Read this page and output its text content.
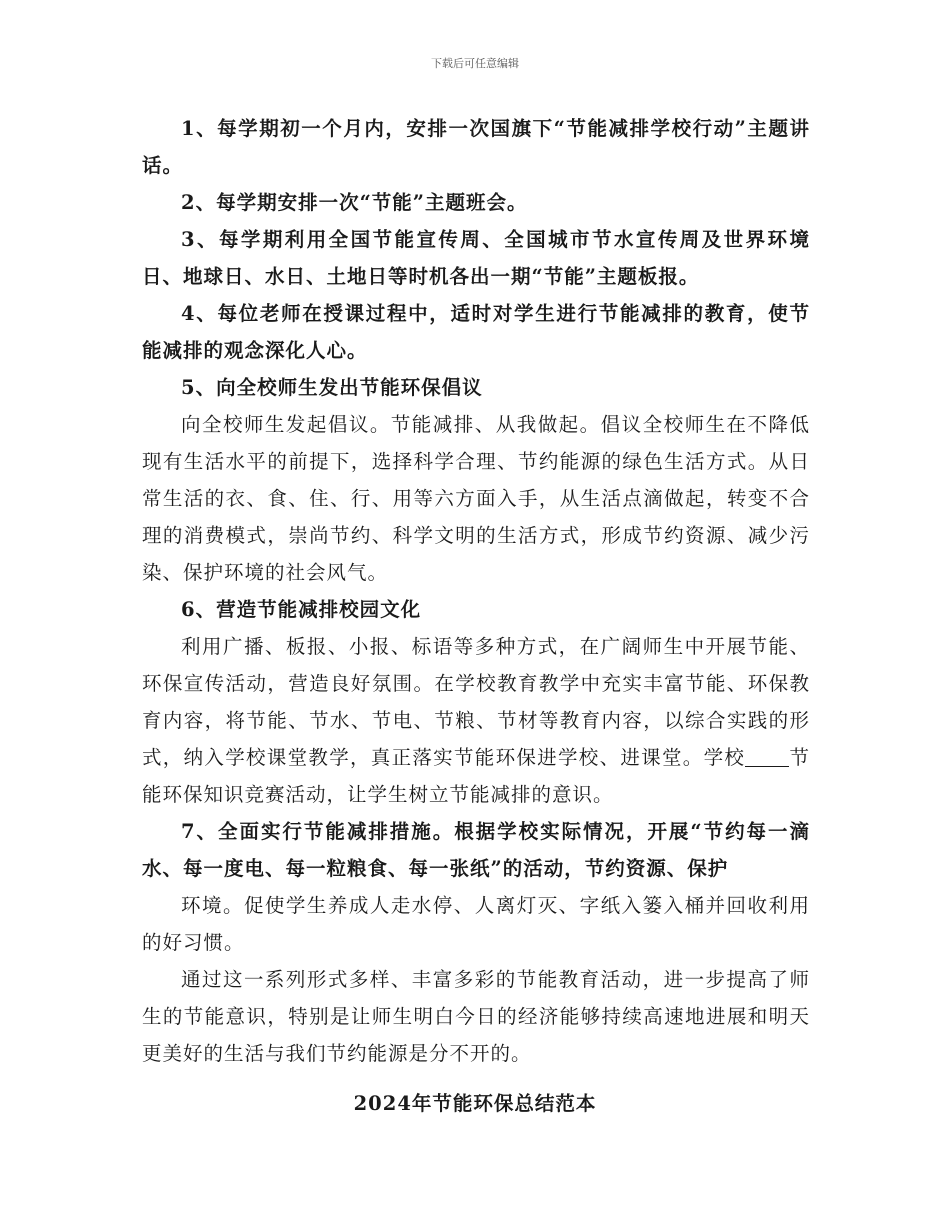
下载后可任意编辑

1、每学期初一个月内，安排一次国旗下“节能减排学校行动”主题讲话。

2、每学期安排一次“节能”主题班会。

3、每学期利用全国节能宣传周、全国城市节水宣传周及世界环境日、地球日、水日、土地日等时机各出一期“节能”主题板报。

4、每位老师在授课过程中，适时对学生进行节能减排的教育，使节能减排的观念深化人心。

5、向全校师生发出节能环保倡议

向全校师生发起倡议。节能减排、从我做起。倡议全校师生在不降低现有生活水平的前提下，选择科学合理、节约能源的绿色生活方式。从日常生活的衣、食、住、行、用等六方面入手，从生活点滴做起，转变不合理的消费模式，崇尚节约、科学文明的生活方式，形成节约资源、减少污染、保护环境的社会风气。

6、营造节能减排校园文化

利用广播、板报、小报、标语等多种方式，在广阔师生中开展节能、环保宣传活动，营造良好氛围。在学校教育教学中充实丰富节能、环保教育内容，将节能、节水、节电、节粮、节材等教育内容，以综合实践的形式，纳入学校课堂教学，真正落实节能环保进学校、进课堂。学校 节能环保知识竞赛活动，让学生树立节能减排的意识。

7、全面实行节能减排措施。根据学校实际情况，开展“节约每一滴水、每一度电、每一粒粮食、每一张纸”的活动，节约资源、保护

环境。促使学生养成人走水停、人离灯灭、字纸入篓入桶并回收利用的好习惯。

通过这一系列形式多样、丰富多彩的节能教育活动，进一步提高了师生的节能意识，特别是让师生明白今日的经济能够持续高速地进展和明天更美好的生活与我们节约能源是分不开的。

2024年节能环保总结范本
